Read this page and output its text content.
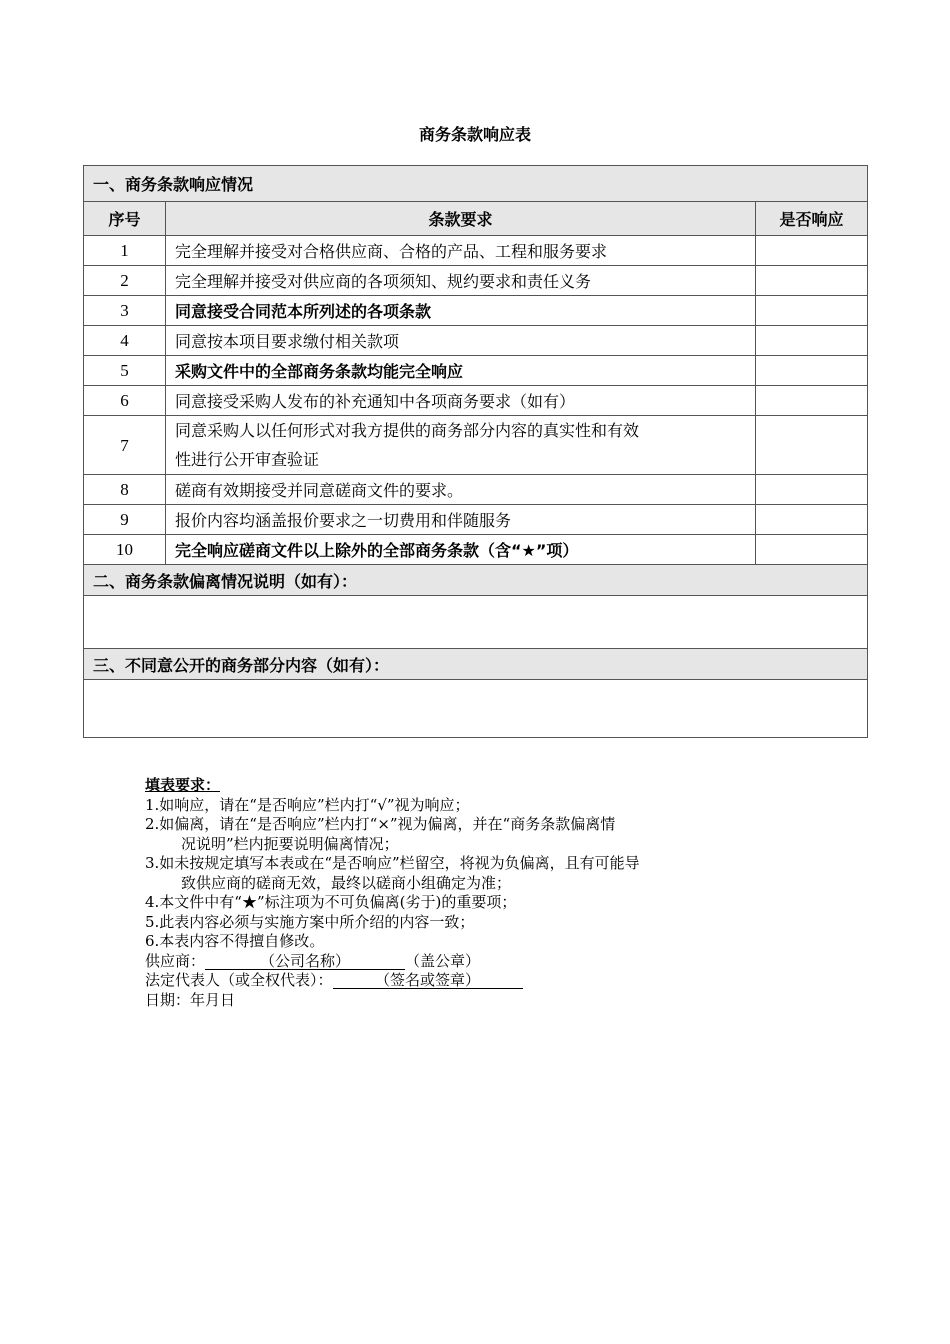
商务条款响应表
一、商务条款响应情况		
序号	条款要求	是否响应
1	完全理解并接受对合格供应商、合格的产品、工程和服务要求	
2	完全理解并接受对供应商的各项须知、规约要求和责任义务	
3	同意接受合同范本所列述的各项条款	
4	同意按本项目要求缴付相关款项	
5	采购文件中的全部商务条款均能完全响应	
6	同意接受采购人发布的补充通知中各项商务要求（如有）	
7	同意采购人以任何形式对我方提供的商务部分内容的真实性和有效
性进行公开审查验证	

8	磋商有效期接受并同意磋商文件的要求。	
9	报价内容均涵盖报价要求之一切费用和伴随服务	
10	完全响应磋商文件以上除外的全部商务条款（含“★”项）	
二、商务条款偏离情况说明（如有）：		

三、不同意公开的商务部分内容（如有）：		

填表要求：
1.如响应，请在“是否响应”栏内打“√”视为响应；
2.如偏离，请在“是否响应”栏内打“×”视为偏离，并在“商务条款偏离情
况说明”栏内扼要说明偏离情况；
3.如未按规定填写本表或在“是否响应”栏留空，将视为负偏离，且有可能导
致供应商的磋商无效，最终以磋商小组确定为准；
4.本文件中有“★”标注项为不可负偏离(劣于)的重要项；
5.此表内容必须与实施方案中所介绍的内容一致；
6.本表内容不得擅自修改。
供应商：	（公司名称）	（盖公章）
法定代表人（或全权代表）：	（签名或签章）
日期：年月日
